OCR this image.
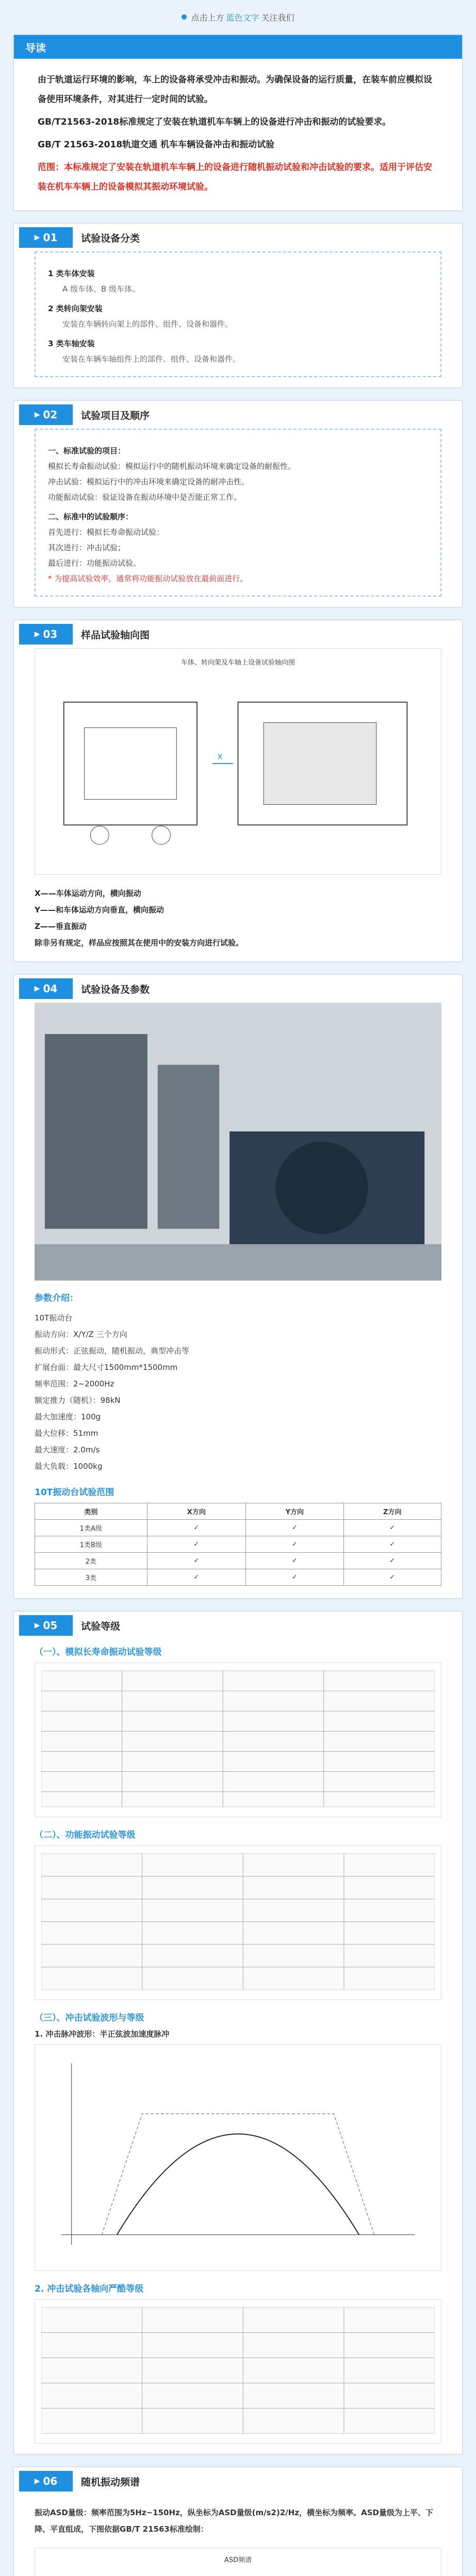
点击上方 蓝色文字 关注我们
导读

由于轨道运行环境的影响，车上的设备将承受冲击和振动。为确保设备的运行质量，在装车前应模拟设备使用环境条件，对其进行一定时间的试验。

GB/T21563-2018标准规定了安装在轨道机车车辆上的设备进行冲击和振动的试验要求。

GB/T 21563-2018轨道交通 机车车辆设备冲击和振动试验

范围：本标准规定了安装在轨道机车车辆上的设备进行随机振动试验和冲击试验的要求。适用于评估安装在机车车辆上的设备模拟其振动环境试验。

▶ 01 试验设备分类
1 类车体安装
A 级车体、B 级车体。
2 类转向架安装
安装在车辆转向架上的部件、组件、设备和器件。
3 类车轴安装
安装在车辆车轴组件上的部件、组件、设备和器件。
▶ 02 试验项目及顺序
一、标准试验的项目：
模拟长寿命振动试验：模拟运行中的随机振动环境来确定设备的耐振性。
冲击试验：模拟运行中的冲击环境来确定设备的耐冲击性。
功能振动试验：验证设备在振动环境中是否能正常工作。
二、标准中的试验顺序：
首先进行：模拟长寿命振动试验：
其次进行：冲击试验；
最后进行：功能振动试验。
* 为提高试验效率，通常将功能振动试验放在最前面进行。
▶ 03 样品试验轴向图
车体、转向架及车轴上设备试验轴向图
X
X——车体运动方向，横向振动
Y——和车体运动方向垂直，横向振动
Z——垂直振动
除非另有规定，样品应按照其在使用中的安装方向进行试验。
▶ 04 试验设备及参数
参数介绍：
10T振动台
振动方向：X/Y/Z 三个方向
振动形式：正弦振动，随机振动，典型冲击等
扩展台面：最大尺寸1500mm*1500mm
频率范围：2~2000Hz
额定推力（随机）：98kN
最大加速度：100g
最大位移：51mm
最大速度：2.0m/s
最大负载：1000kg
10T振动台试验范围
类别	X方向	Y方向	Z方向
1类A级	✓	✓	✓
1类B级	✓	✓	✓
2类	✓	✓	✓
3类	✓	✓	✓
▶ 05 试验等级
（一）、模拟长寿命振动试验等级
（二）、功能振动试验等级
（三）、冲击试验波形与等级
1. 冲击脉冲波形：半正弦波加速度脉冲
2. 冲击试验各轴向严酷等级
▶ 06 随机振动频谱
振动ASD量级：频率范围为5Hz~150Hz，纵坐标为ASD量级(m/s2)2/Hz，横坐标为频率。ASD量级为上平、下降、平直组成，下图依据GB/T 21563标准绘制：
ASD频谱
